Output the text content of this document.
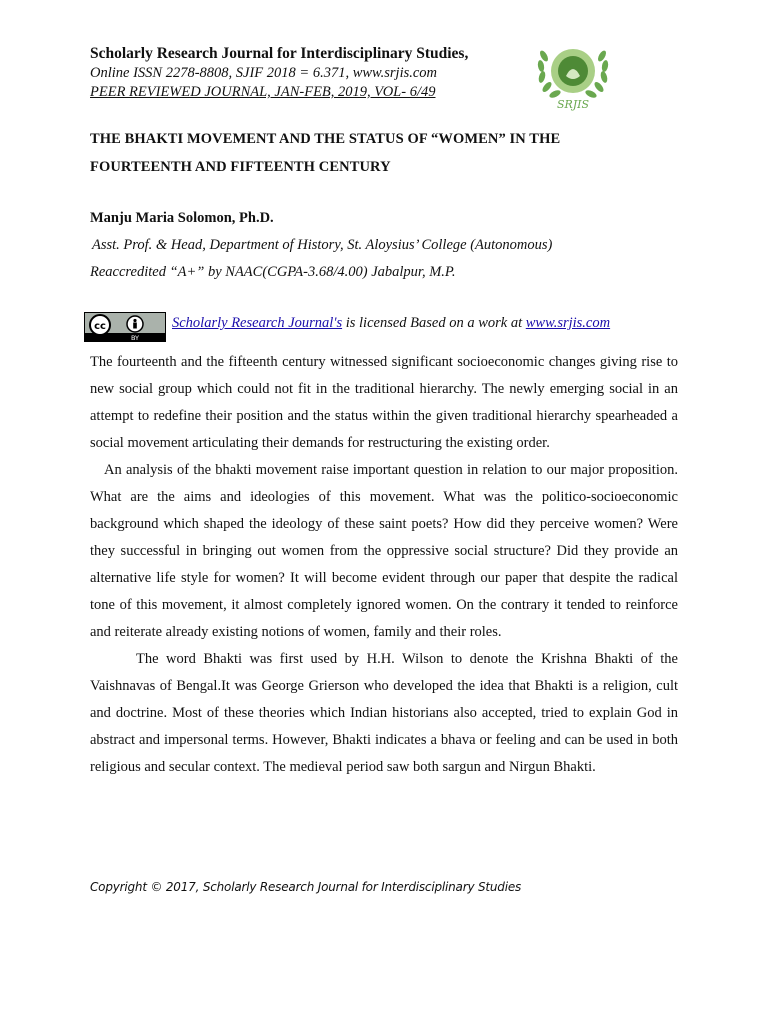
Scholarly Research Journal for Interdisciplinary Studies,
Online ISSN 2278-8808, SJIF 2018 = 6.371, www.srjis.com
PEER REVIEWED JOURNAL, JAN-FEB, 2019, VOL- 6/49
SRJIS
THE BHAKTI MOVEMENT AND THE STATUS OF “WOMEN” IN THE
FOURTEENTH AND FIFTEENTH CENTURY
Manju Maria Solomon, Ph.D.
Asst. Prof. & Head, Department of History, St. Aloysius’ College (Autonomous)
Reaccredited “A+” by NAAC(CGPA-3.68/4.00) Jabalpur, M.P.
cc
BY
Scholarly Research Journal's is licensed Based on a work at www.srjis.com

The fourteenth and the fifteenth century witnessed significant socioeconomic changes giving rise to new social group which could not fit in the traditional hierarchy. The newly emerging social in an attempt to redefine their position and the status within the given traditional hierarchy spearheaded a social movement articulating their demands for restructuring the existing order.

An analysis of the bhakti movement raise important question in relation to our major proposition. What are the aims and ideologies of this movement. What was the politico-socioeconomic background which shaped the ideology of these saint poets? How did they perceive women? Were they successful in bringing out women from the oppressive social structure? Did they provide an alternative life style for women? It will become evident through our paper that despite the radical tone of this movement, it almost completely ignored women. On the contrary it tended to reinforce and reiterate already existing notions of women, family and their roles.

The word Bhakti was first used by H.H. Wilson to denote the Krishna Bhakti of the Vaishnavas of Bengal.It was George Grierson who developed the idea that Bhakti is a religion, cult and doctrine. Most of these theories which Indian historians also accepted, tried to explain God in abstract and impersonal terms. However, Bhakti indicates a bhava or feeling and can be used in both religious and secular context. The medieval period saw both sargun and Nirgun Bhakti.

Copyright © 2017, Scholarly Research Journal for Interdisciplinary Studies
